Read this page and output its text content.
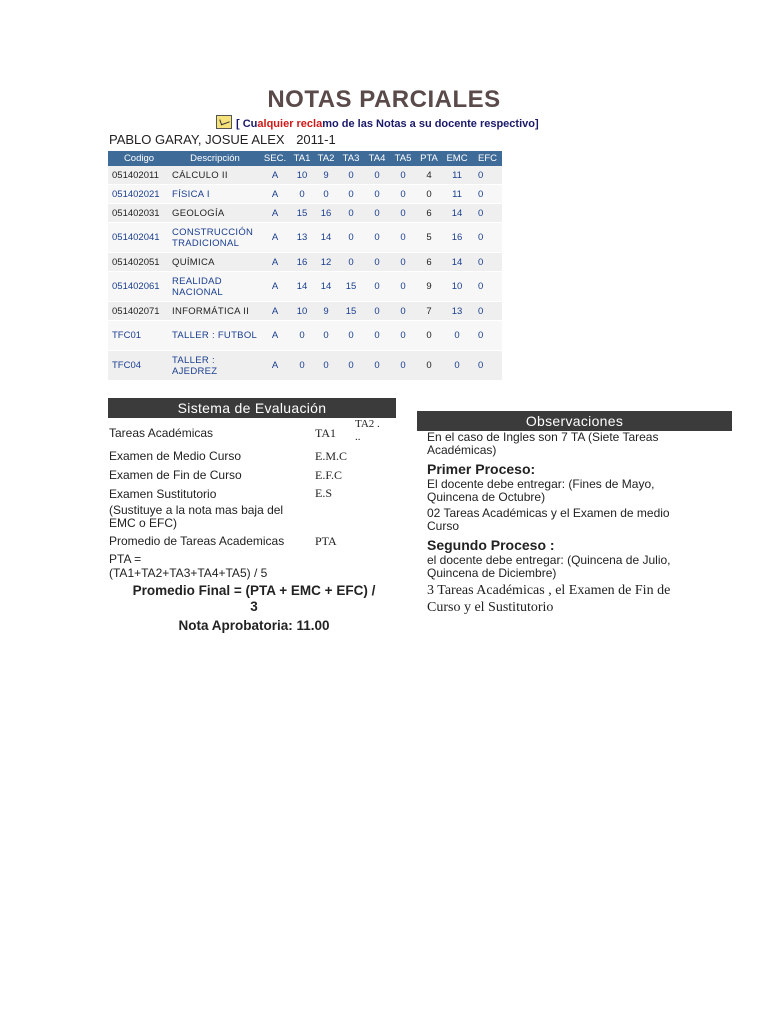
NOTAS PARCIALES
[ Cualquier reclamo de las Notas a su docente respectivo]
PABLO GARAY, JOSUE ALEX 2011-1
Codigo	Descripción	SEC.	TA1	TA2	TA3	TA4	TA5	PTA	EMC	EFC
051402011	CÁLCULO II	A	10	9	0	0	0	4	11	0
051402021	FÍSICA I	A	0	0	0	0	0	0	11	0
051402031	GEOLOGÍA	A	15	16	0	0	0	6	14	0
051402041	CONSTRUCCIÓN TRADICIONAL	A	13	14	0	0	0	5	16	0
051402051	QUÍMICA	A	16	12	0	0	0	6	14	0
051402061	REALIDAD NACIONAL	A	14	14	15	0	0	9	10	0
051402071	INFORMÁTICA II	A	10	9	15	0	0	7	13	0
TFC01	TALLER : FUTBOL	A	0	0	0	0	0	0	0	0
TFC04	TALLER : AJEDREZ	A	0	0	0	0	0	0	0	0
Sistema de Evaluación
Observaciones
Tareas Académicas	TA1
TA2 .
..
Examen de Medio Curso	E.M.C
Examen de Fin de Curso	E.F.C
Examen Sustitutorio	E.S
(Sustituye a la nota mas baja del
EMC o EFC)
Promedio de Tareas Academicas	PTA
PTA =
(TA1+TA2+TA3+TA4+TA5) / 5
Promedio Final = (PTA + EMC + EFC) /
3
Nota Aprobatoria: 11.00

En el caso de Ingles son 7 TA (Siete Tareas

Académicas)

Primer Proceso:

El docente debe entregar: (Fines de Mayo,

Quincena de Octubre)

02 Tareas Académicas y el Examen de medio

Curso

Segundo Proceso :

el docente debe entregar: (Quincena de Julio,

Quincena de Diciembre)

3 Tareas Académicas , el Examen de Fin de

Curso y el Sustitutorio
